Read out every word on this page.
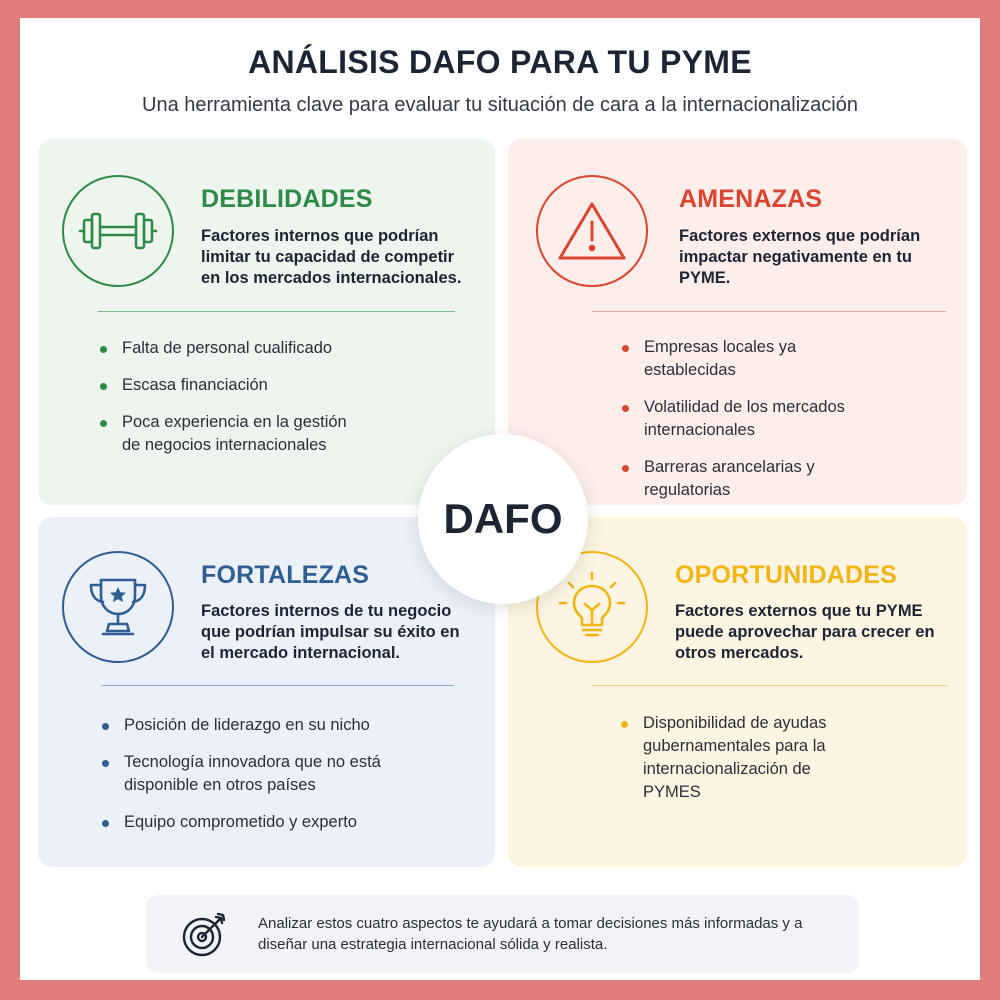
ANÁLISIS DAFO PARA TU PYME

Una herramienta clave para evaluar tu situación de cara a la internacionalización

DEBILIDADES

Factores internos que podrían limitar tu capacidad de competir en los mercados internacionales.

Falta de personal cualificado
Escasa financiación
Poca experiencia en la gestión de negocios internacionales
AMENAZAS

Factores externos que podrían impactar negativamente en tu PYME.

Empresas locales ya establecidas
Volatilidad de los mercados internacionales
Barreras arancelarias y regulatorias
FORTALEZAS

Factores internos de tu negocio que podrían impulsar su éxito en el mercado internacional.

Posición de liderazgo en su nicho
Tecnología innovadora que no está disponible en otros países
Equipo comprometido y experto
OPORTUNIDADES

Factores externos que tu PYME puede aprovechar para crecer en otros mercados.

Disponibilidad de ayudas gubernamentales para la internacionalización de PYMES
DAFO

Analizar estos cuatro aspectos te ayudará a tomar decisiones más informadas y a diseñar una estrategia internacional sólida y realista.
